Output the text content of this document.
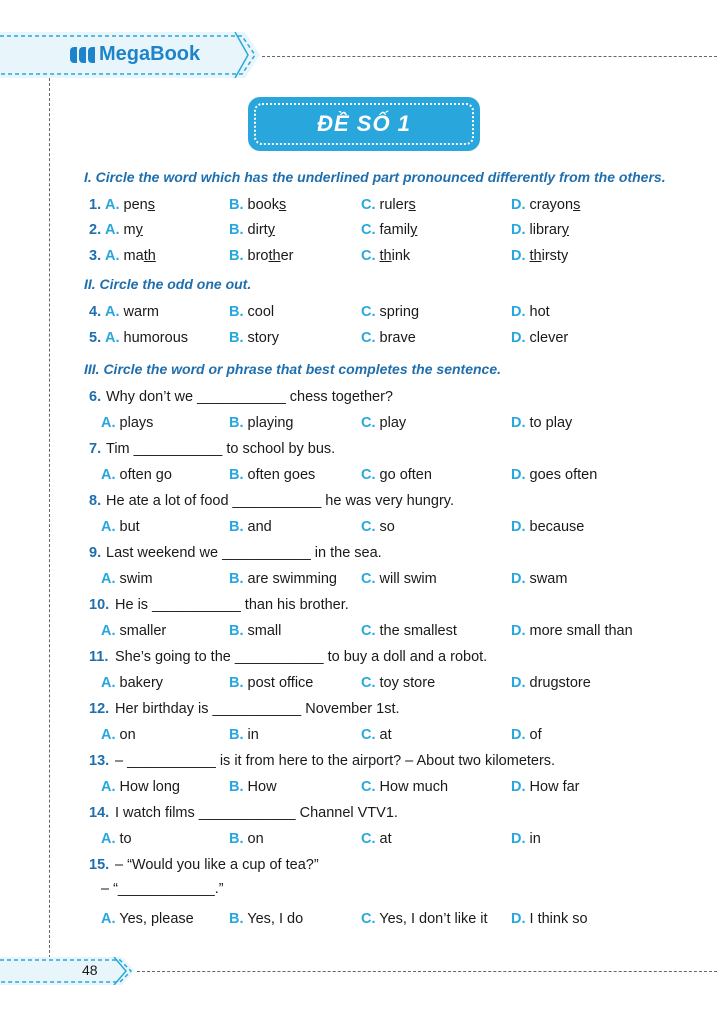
MegaBook
ĐỀ SỐ 1
I. Circle the word which has the underlined part pronounced differently from the others.
1. A. pens	B. books	C. rulers	D. crayons
2. A. my	B. dirty	C. family	D. library
3. A. math	B. brother	C. think	D. thirsty
II. Circle the odd one out.
4. A. warm	B. cool	C. spring	D. hot
5. A. humorous	B. story	C. brave	D. clever
III. Circle the word or phrase that best completes the sentence.
6. Why don’t we ___________ chess together?
A. plays	B. playing	C. play	D. to play
7. Tim ___________ to school by bus.
A. often go	B. often goes	C. go often	D. goes often
8. He ate a lot of food ___________ he was very hungry.
A. but	B. and	C. so	D. because
9. Last weekend we ___________ in the sea.
A. swim	B. are swimming C. will swim	D. swam
10. He is ___________ than his brother.
A. smaller	B. small	C. the smallest	D. more small than
11. She’s going to the ___________ to buy a doll and a robot.
A. bakery	B. post office	C. toy store	D. drugstore
12. Her birthday is ___________ November 1st.
A. on	B. in	C. at	D. of
13. – ___________ is it from here to the airport? – About two kilometers.
A. How long	B. How	C. How much	D. How far
14. I watch films ____________ Channel VTV1.
A. to	B. on	C. at	D. in
15. – “Would you like a cup of tea?”
– “____________.”
A. Yes, please B. Yes, I do	C. Yes, I don’t like it D. I think so
48
